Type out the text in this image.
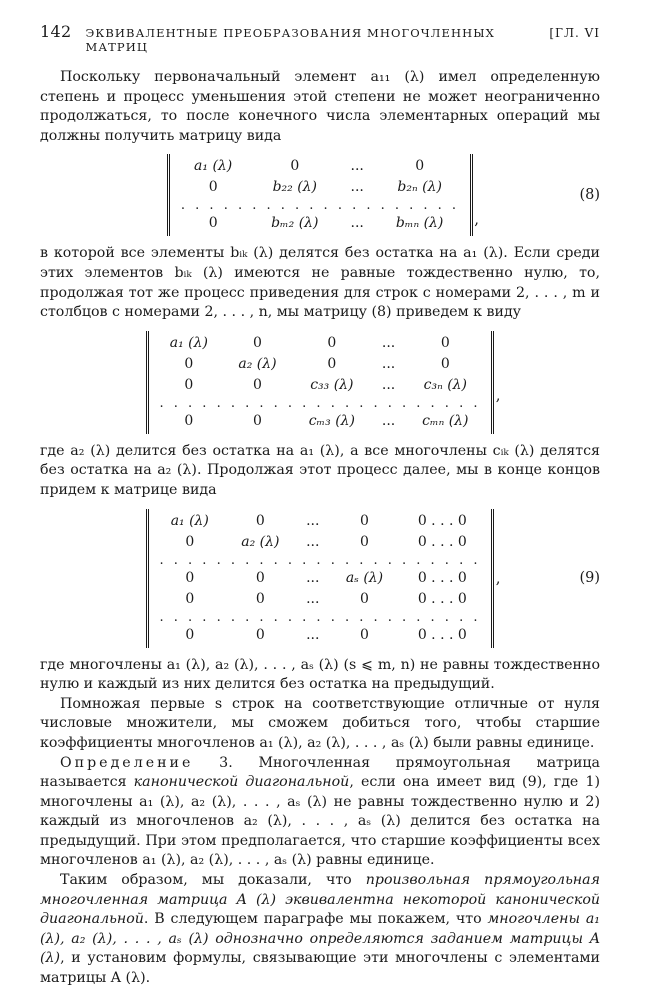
142 ЭКВИВАЛЕНТНЫЕ ПРЕОБРАЗОВАНИЯ МНОГОЧЛЕННЫХ МАТРИЦ
[ГЛ. VI

Поскольку первоначальный элемент a₁₁ (λ) имел определенную степень и процесс уменьшения этой степени не может неограниченно продолжаться, то после конечного числа элементарных операций мы должны получить матрицу вида

a₁ (λ)	0	...	0
0	b₂₂ (λ)	...	b₂ₙ (λ)
. . . . . . . . . . . . . . . . . . . .			
0	bₘ₂ (λ)	...	bₘₙ (λ) ,
(8)

в которой все элементы bᵢₖ (λ) делятся без остатка на a₁ (λ). Если среди этих элементов bᵢₖ (λ) имеются не равные тождественно нулю, то, продолжая тот же процесс приведения для строк с номерами 2, . . . , m и столбцов с номерами 2, . . . , n, мы матрицу (8) приведем к виду

a₁ (λ)	0	0	...	0
0	a₂ (λ)	0	...	0
0	0	c₃₃ (λ)	...	c₃ₙ (λ)
. . . . . . . . . . . . . . . . . . . . . . .				
0	0	cₘ₃ (λ)	...	cₘₙ (λ)
,

где a₂ (λ) делится без остатка на a₁ (λ), а все многочлены cᵢₖ (λ) делятся без остатка на a₂ (λ). Продолжая этот процесс далее, мы в конце концов придем к матрице вида

a₁ (λ)	0	...	0	0 . . . 0
0	a₂ (λ)	...	0	0 . . . 0
. . . . . . . . . . . . . . . . . . . . . . .				
0	0	...	aₛ (λ)	0 . . . 0
0	0	...	0	0 . . . 0
. . . . . . . . . . . . . . . . . . . . . . .				
0	0	...	0	0 . . . 0
,	(9)

где многочлены a₁ (λ), a₂ (λ), . . . , aₛ (λ) (s ⩽ m, n) не равны тождественно нулю и каждый из них делится без остатка на предыдущий.

Помножая первые s строк на соответствующие отличные от нуля числовые множители, мы сможем добиться того, чтобы старшие коэффициенты многочленов a₁ (λ), a₂ (λ), . . . , aₛ (λ) были равны единице.

Определение 3. Многочленная прямоугольная матрица называется канонической диагональной, если она имеет вид (9), где 1) многочлены a₁ (λ), a₂ (λ), . . . , aₛ (λ) не равны тождественно нулю и 2) каждый из многочленов a₂ (λ), . . . , aₛ (λ) делится без остатка на предыдущий. При этом предполагается, что старшие коэффициенты всех многочленов a₁ (λ), a₂ (λ), . . . , aₛ (λ) равны единице.

Таким образом, мы доказали, что произвольная прямоугольная многочленная матрица A (λ) эквивалентна некоторой канонической диагональной. В следующем параграфе мы покажем, что многочлены a₁ (λ), a₂ (λ), . . . , aₛ (λ) однозначно определяются заданием матрицы A (λ), и установим формулы, связывающие эти многочлены с элементами матрицы A (λ).
